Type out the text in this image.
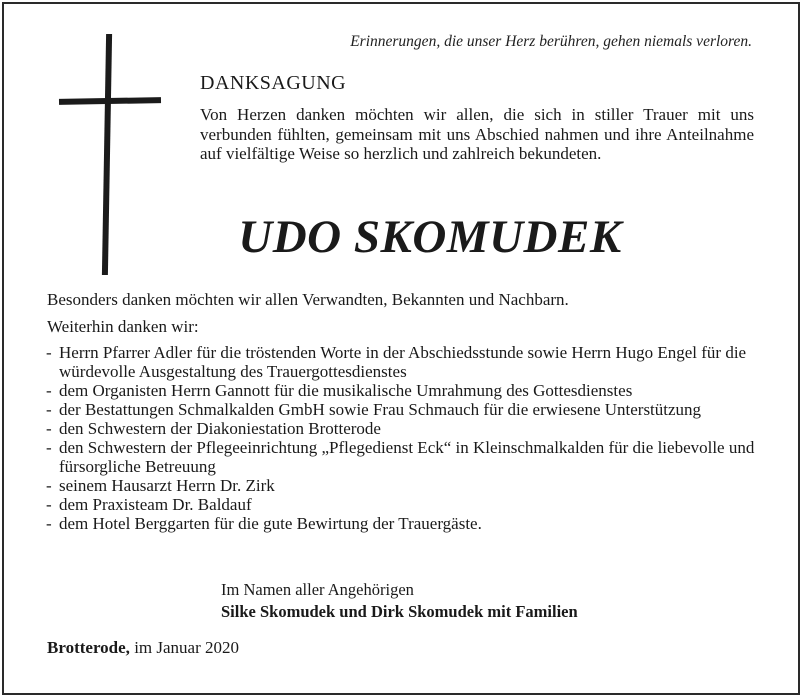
Erinnerungen, die unser Herz berühren, gehen niemals verloren.
DANKSAGUNG
Von Herzen danken möchten wir allen, die sich in stiller Trauer mit uns verbunden fühlten, gemeinsam mit uns Abschied nahmen und ihre Anteilnahme auf vielfältige Weise so herzlich und zahlreich bekundeten.
UDO SKOMUDEK
Besonders danken möchten wir allen Verwandten, Bekannten und Nachbarn.
Weiterhin danken wir:
- Herrn Pfarrer Adler für die tröstenden Worte in der Abschiedsstunde sowie Herrn Hugo Engel für die würdevolle Ausgestaltung des Trauergottesdienstes
- dem Organisten Herrn Gannott für die musikalische Umrahmung des Gottesdienstes
- der Bestattungen Schmalkalden GmbH sowie Frau Schmauch für die erwiesene Unterstützung
- den Schwestern der Diakoniestation Brotterode
- den Schwestern der Pflegeeinrichtung „Pflegedienst Eck“ in Kleinschmalkalden für die liebevolle und fürsorgliche Betreuung
- seinem Hausarzt Herrn Dr. Zirk
- dem Praxisteam Dr. Baldauf
- dem Hotel Berggarten für die gute Bewirtung der Trauergäste.
Im Namen aller Angehörigen
Silke Skomudek und Dirk Skomudek mit Familien
Brotterode, im Januar 2020
